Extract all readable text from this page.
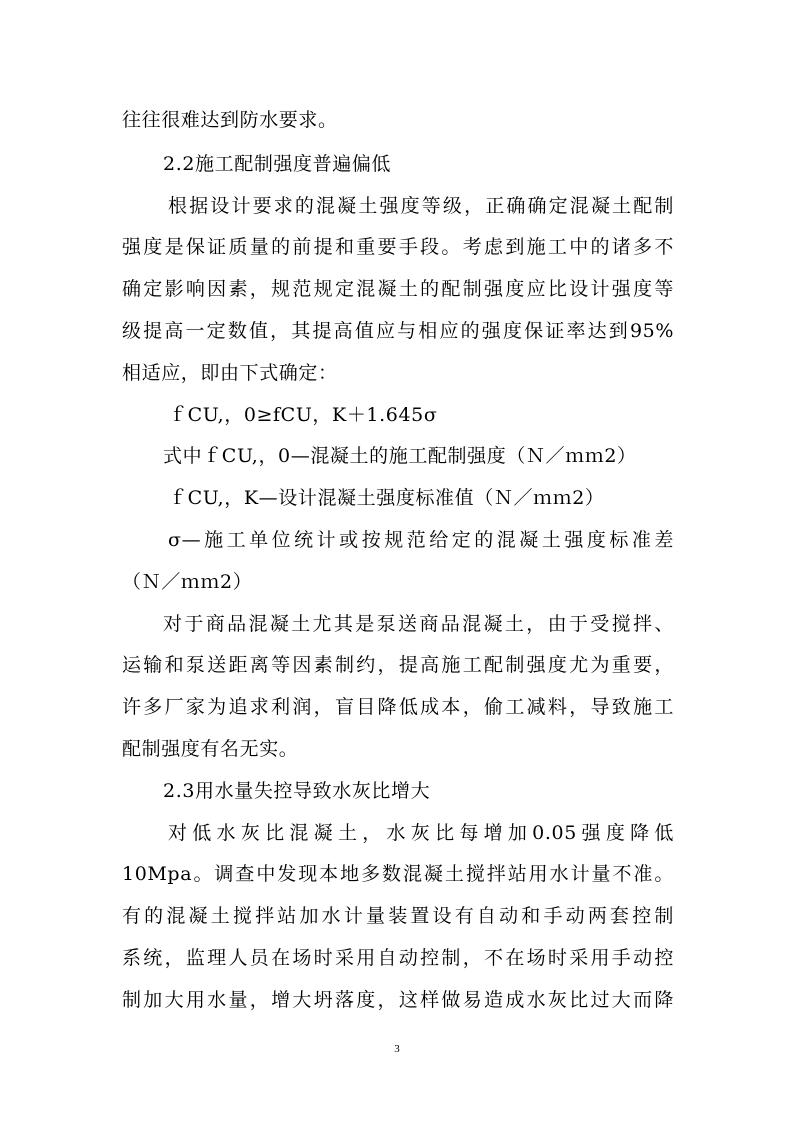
往往很难达到防水要求。
2.2施工配制强度普遍偏低
根据设计要求的混凝土强度等级，正确确定混凝土配制
强度是保证质量的前提和重要手段。考虑到施工中的诸多不
确定影响因素，规范规定混凝土的配制强度应比设计强度等
级提高一定数值，其提高值应与相应的强度保证率达到95%
相适应，即由下式确定：
ｆCU,，0≥fCU，K＋1.645σ
式中ｆCU,，0—混凝土的施工配制强度（Ｎ／ｍｍ2）
ｆCU,，K—设计混凝土强度标准值（Ｎ／ｍｍ2）
σ—施工单位统计或按规范给定的混凝土强度标准差
（Ｎ／ｍｍ2）
对于商品混凝土尤其是泵送商品混凝土，由于受搅拌、
运输和泵送距离等因素制约，提高施工配制强度尤为重要，
许多厂家为追求利润，盲目降低成本，偷工减料，导致施工
配制强度有名无实。
2.3用水量失控导致水灰比增大
对低水灰比混凝土，水灰比每增加0.05强度降低
10Mpa。调查中发现本地多数混凝土搅拌站用水计量不准。
有的混凝土搅拌站加水计量装置设有自动和手动两套控制
系统，监理人员在场时采用自动控制，不在场时采用手动控
制加大用水量，增大坍落度，这样做易造成水灰比过大而降
3
